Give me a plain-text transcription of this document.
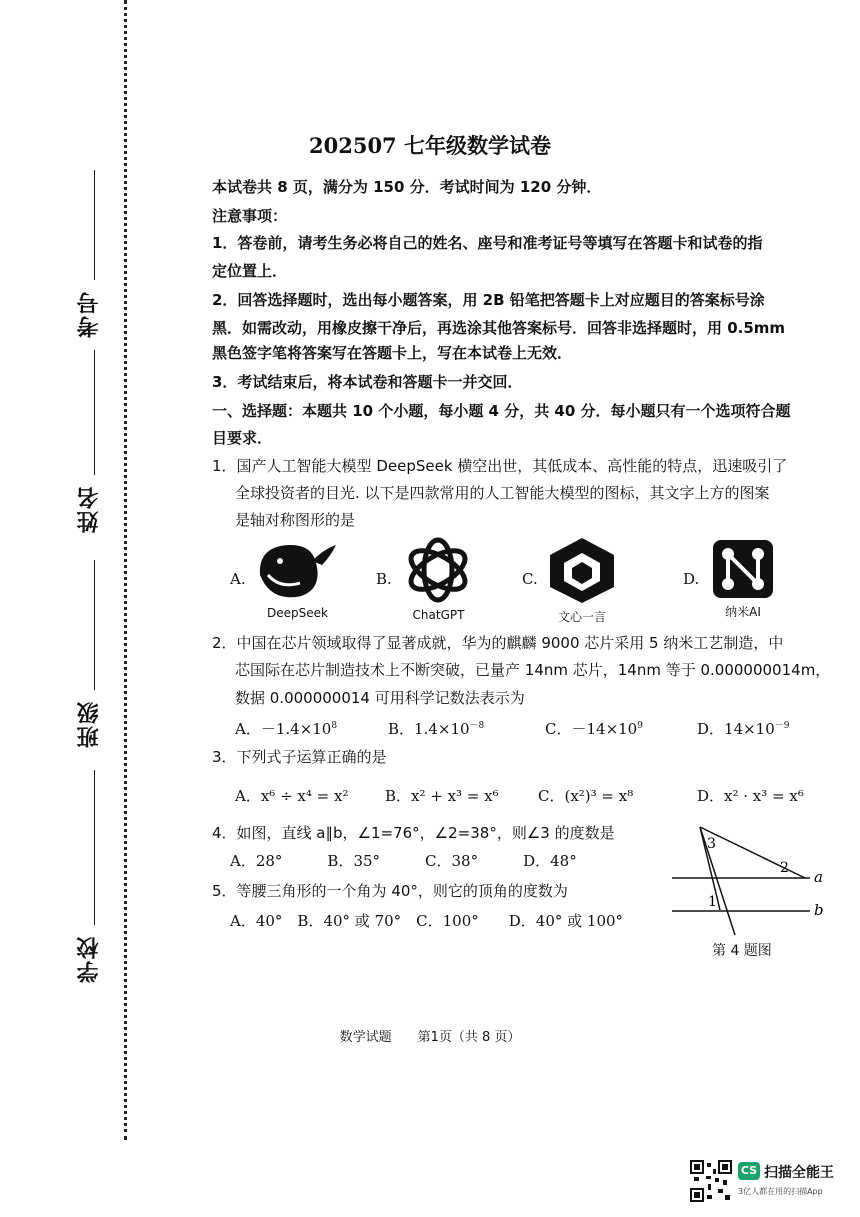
考号
姓名
班级
学校
202507 七年级数学试卷
本试卷共 8 页，满分为 150 分．考试时间为 120 分钟．
注意事项：
1．答卷前，请考生务必将自己的姓名、座号和准考证号等填写在答题卡和试卷的指
定位置上．
2．回答选择题时，选出每小题答案，用 2B 铅笔把答题卡上对应题目的答案标号涂
黑．如需改动，用橡皮擦干净后，再选涂其他答案标号．回答非选择题时，用 0.5mm
黑色签字笔将答案写在答题卡上，写在本试卷上无效．
3．考试结束后，将本试卷和答题卡一并交回．
一、选择题：本题共 10 个小题，每小题 4 分，共 40 分．每小题只有一个选项符合题
目要求．
1．国产人工智能大模型 DeepSeek 横空出世，其低成本、高性能的特点，迅速吸引了
全球投资者的目光. 以下是四款常用的人工智能大模型的图标，其文字上方的图案
是轴对称图形的是
A.
DeepSeek
B.
ChatGPT
C.
文心一言
D.
纳米AI
2．中国在芯片领域取得了显著成就，华为的麒麟 9000 芯片采用 5 纳米工艺制造，中
芯国际在芯片制造技术上不断突破，已量产 14nm 芯片，14nm 等于 0.000000014m，
数据 0.000000014 可用科学记数法表示为
A．$-1.4\times 10^8$	B．$1.4\times 10^{-8}$	C．$-14\times 10^9$	D．$14\times 10^{-9}$
3．下列式子运算正确的是
A．x⁶ ÷ x⁴ = x² B．x² + x³ = x⁶	C．(x²)³ = x⁸	D．x² · x³ = x⁶
4．如图，直线 a∥b，∠1=76°，∠2=38°，则∠3 的度数是
A．28°　　　B．35°　　　C．38°　　　D．48°
5．等腰三角形的一个角为 40°，则它的顶角的度数为
A．40°　B．40° 或 70°　C．100°　　D．40° 或 100°
3
2
1
a
b
第 4 题图
数学试题　　第1页（共 8 页）
CS 扫描全能王
3亿人都在用的扫描App
